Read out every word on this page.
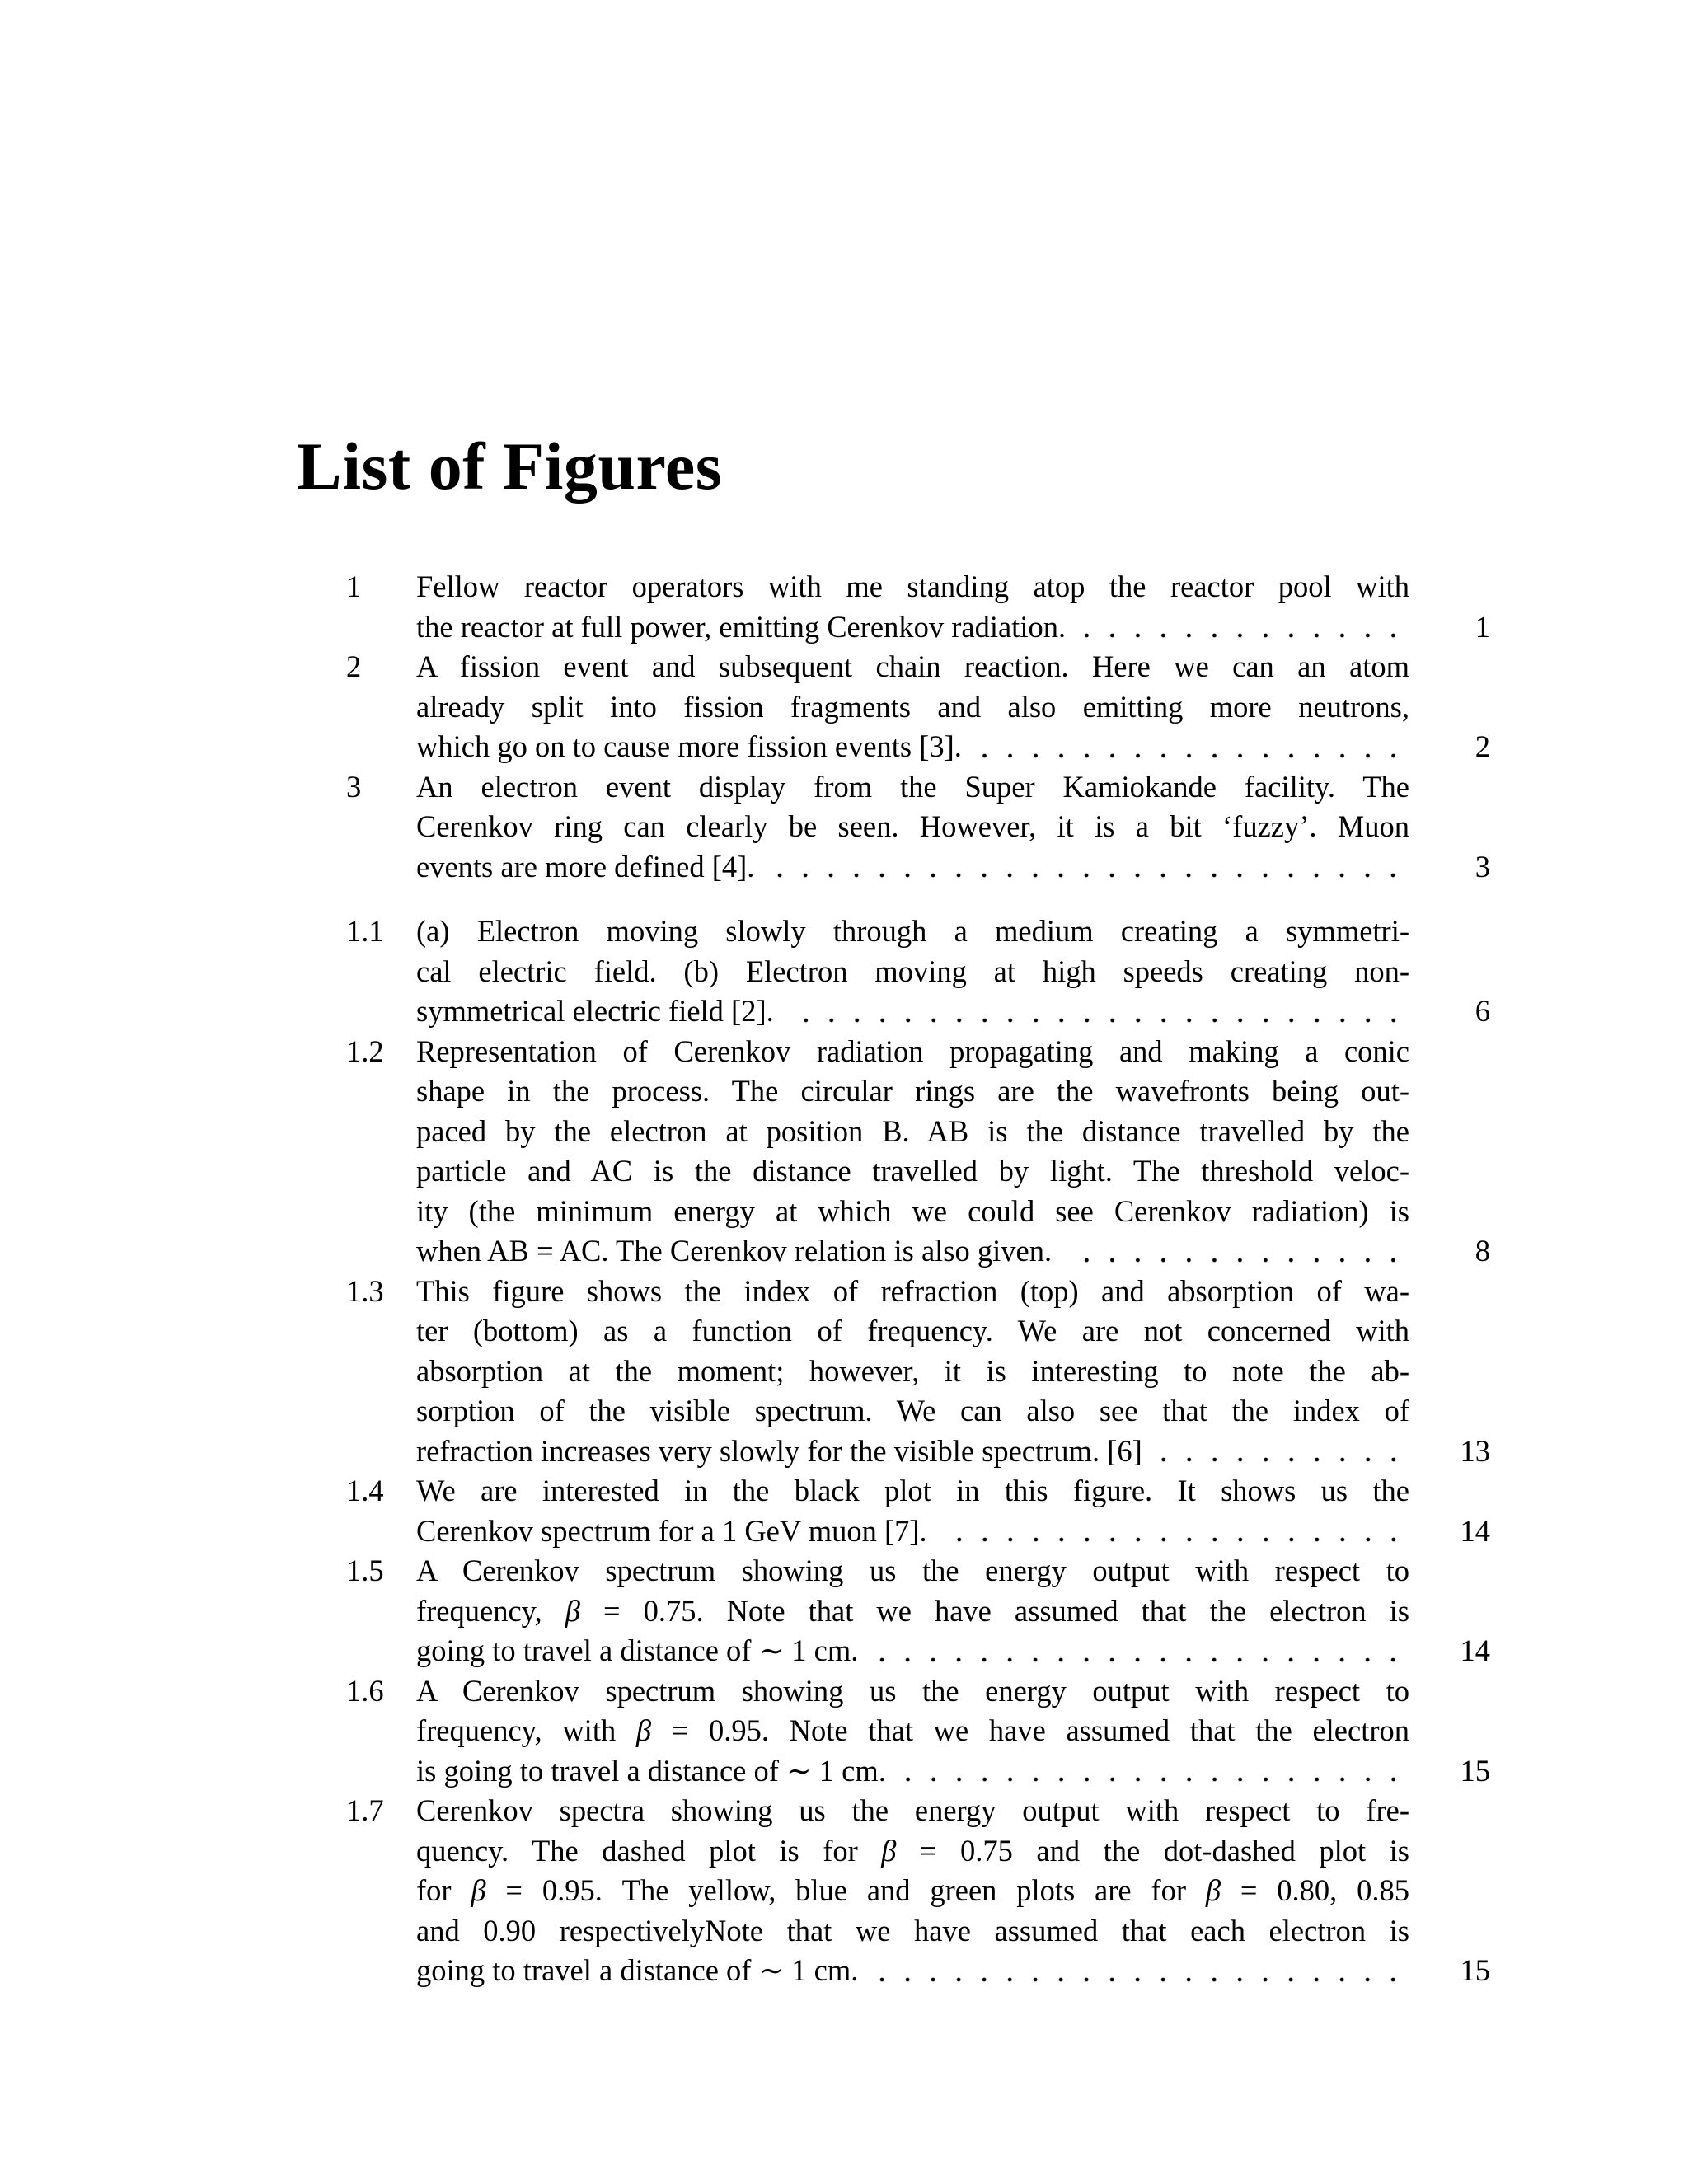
List of Figures
1	Fellow reactor operators with me standing atop the reactor pool with
the reactor at full power, emitting Cerenkov radiation.	1
2	A fission event and subsequent chain reaction. Here we can an atom
already split into fission fragments and also emitting more neutrons,
which go on to cause more fission events [3].	2
3	An electron event display from the Super Kamiokande facility. The
Cerenkov ring can clearly be seen. However, it is a bit ‘fuzzy’. Muon
events are more defined [4].	3
1.1	(a) Electron moving slowly through a medium creating a symmetri-
cal electric field. (b) Electron moving at high speeds creating non-
symmetrical electric field [2].	6
1.2	Representation of Cerenkov radiation propagating and making a conic
shape in the process. The circular rings are the wavefronts being out-
paced by the electron at position B. AB is the distance travelled by the
particle and AC is the distance travelled by light. The threshold veloc-
ity (the minimum energy at which we could see Cerenkov radiation) is
when AB = AC. The Cerenkov relation is also given.	8
1.3	This figure shows the index of refraction (top) and absorption of wa-
ter (bottom) as a function of frequency. We are not concerned with
absorption at the moment; however, it is interesting to note the ab-
sorption of the visible spectrum. We can also see that the index of
refraction increases very slowly for the visible spectrum. [6]	13
1.4	We are interested in the black plot in this figure. It shows us the
Cerenkov spectrum for a 1 GeV muon [7].	14
1.5	A Cerenkov spectrum showing us the energy output with respect to
frequency, β = 0.75. Note that we have assumed that the electron is
going to travel a distance of ∼ 1 cm.	14
1.6	A Cerenkov spectrum showing us the energy output with respect to
frequency, with β = 0.95. Note that we have assumed that the electron
is going to travel a distance of ∼ 1 cm.	15
1.7	Cerenkov spectra showing us the energy output with respect to fre-
quency. The dashed plot is for β = 0.75 and the dot-dashed plot is
for β = 0.95. The yellow, blue and green plots are for β = 0.80, 0.85
and 0.90 respectivelyNote that we have assumed that each electron is
going to travel a distance of ∼ 1 cm.	15
